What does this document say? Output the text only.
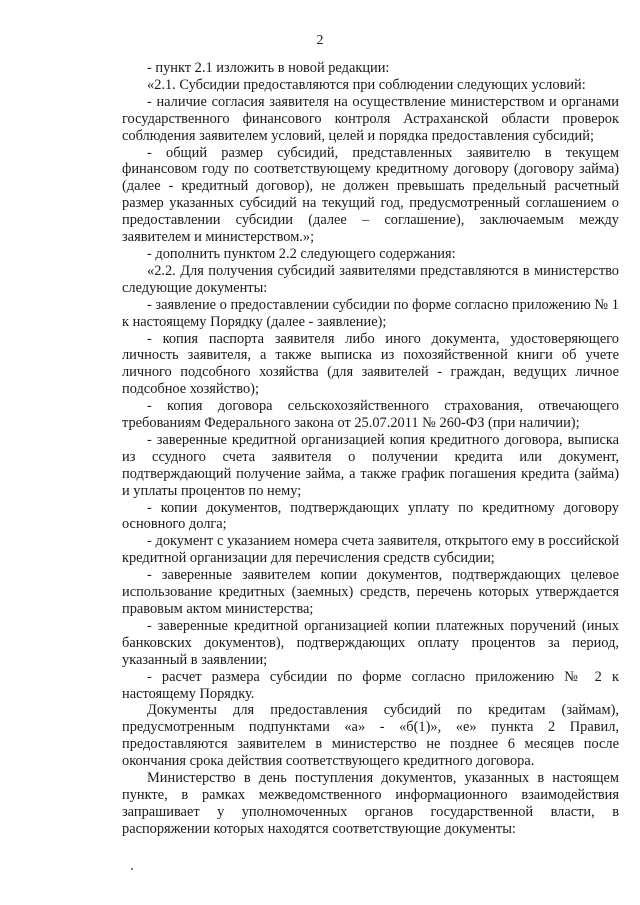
2

- пункт 2.1 изложить в новой редакции:

«2.1. Субсидии предоставляются при соблюдении следующих условий:

- наличие согласия заявителя на осуществление министерством и органами государственного финансового контроля Астраханской области проверок соблюдения заявителем условий, целей и порядка предоставления субсидий;

- общий размер субсидий, представленных заявителю в текущем финансовом году по соответствующему кредитному договору (договору займа) (далее - кредитный договор), не должен превышать предельный расчетный размер указанных субсидий на текущий год, предусмотренный соглашением о предоставлении субсидии (далее – соглашение), заключаемым между заявителем и министерством.»;

- дополнить пунктом 2.2 следующего содержания:

«2.2. Для получения субсидий заявителями представляются в министерство следующие документы:

- заявление о предоставлении субсидии по форме согласно приложению № 1 к настоящему Порядку (далее - заявление);

- копия паспорта заявителя либо иного документа, удостоверяющего личность заявителя, а также выписка из похозяйственной книги об учете личного подсобного хозяйства (для заявителей - граждан, ведущих личное подсобное хозяйство);

- копия договора сельскохозяйственного страхования, отвечающего требованиям Федерального закона от 25.07.2011 № 260-ФЗ (при наличии);

- заверенные кредитной организацией копия кредитного договора, выписка из ссудного счета заявителя о получении кредита или документ, подтверждающий получение займа, а также график погашения кредита (займа) и уплаты процентов по нему;

- копии документов, подтверждающих уплату по кредитному договору основного долга;

- документ с указанием номера счета заявителя, открытого ему в российской кредитной организации для перечисления средств субсидии;

- заверенные заявителем копии документов, подтверждающих целевое использование кредитных (заемных) средств, перечень которых утверждается правовым актом министерства;

- заверенные кредитной организацией копии платежных поручений (иных банковских документов), подтверждающих оплату процентов за период, указанный в заявлении;

- расчет размера субсидии по форме согласно приложению № 2 к настоящему Порядку.

Документы для предоставления субсидий по кредитам (займам), предусмотренным подпунктами «а» - «б(1)», «е» пункта 2 Правил, предоставляются заявителем в министерство не позднее 6 месяцев после окончания срока действия соответствующего кредитного договора.

Министерство в день поступления документов, указанных в настоящем пункте, в рамках межведомственного информационного взаимодействия запрашивает у уполномоченных органов государственной власти, в распоряжении которых находятся соответствующие документы:
